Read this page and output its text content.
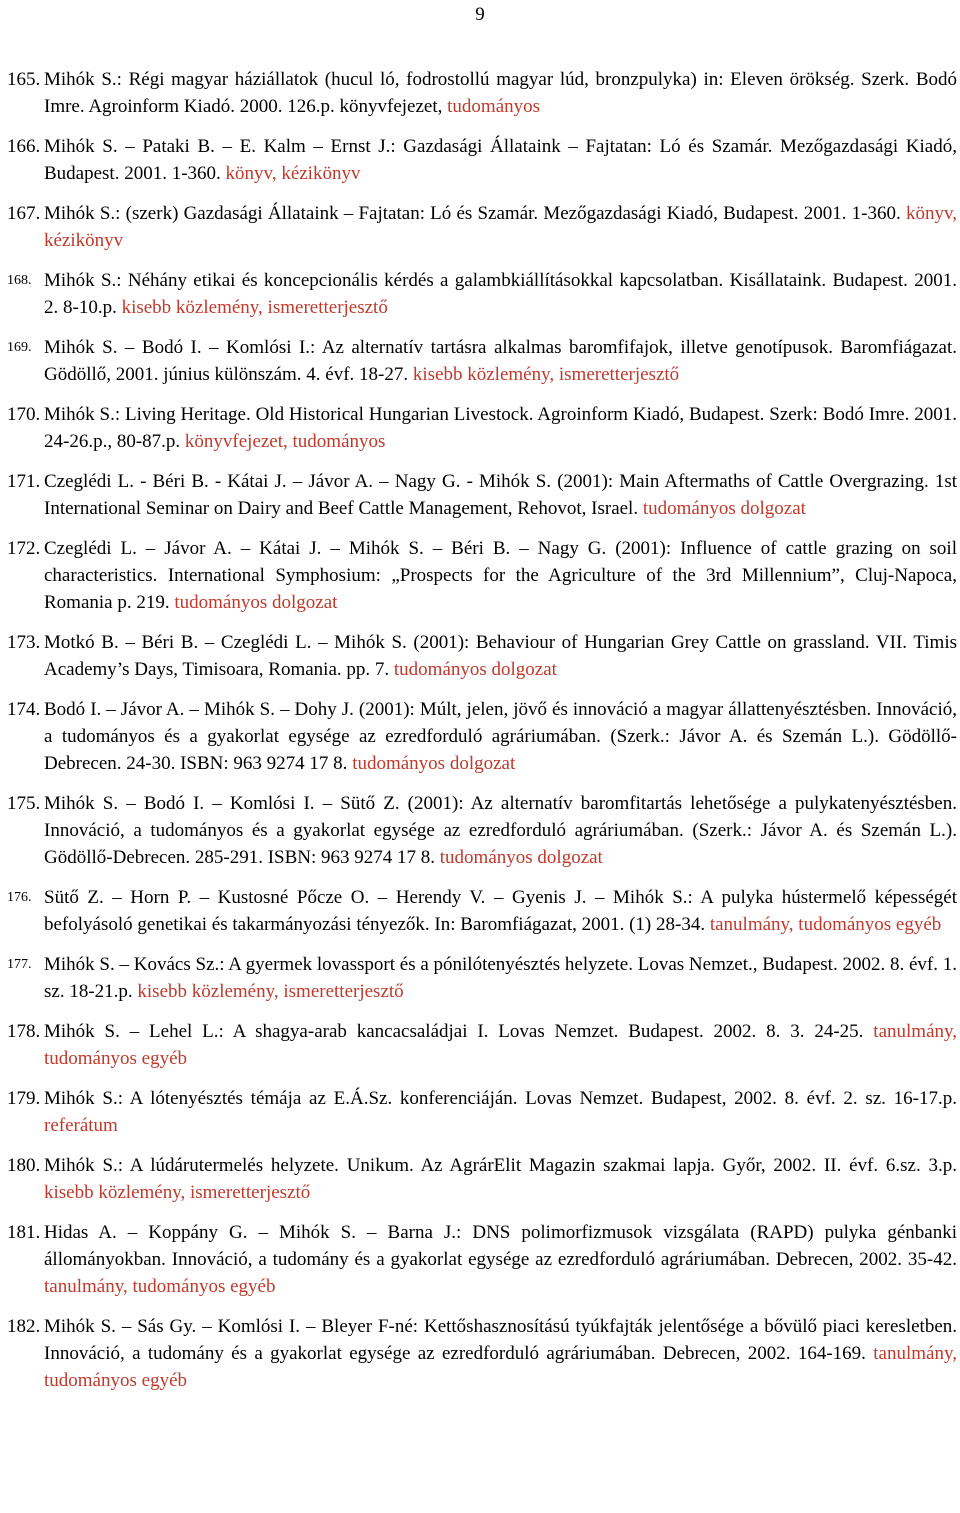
9
165. Mihók S.: Régi magyar háziállatok (hucul ló, fodrostollú magyar lúd, bronzpulyka) in: Eleven örökség. Szerk. Bodó Imre. Agroinform Kiadó. 2000. 126.p. könyvfejezet, tudományos
166. Mihók S. – Pataki B. – E. Kalm – Ernst J.: Gazdasági Állataink – Fajtatan: Ló és Szamár. Mezőgazdasági Kiadó, Budapest. 2001. 1-360. könyv, kézikönyv
167. Mihók S.: (szerk) Gazdasági Állataink – Fajtatan: Ló és Szamár. Mezőgazdasági Kiadó, Budapest. 2001. 1-360. könyv, kézikönyv
168. Mihók S.: Néhány etikai és koncepcionális kérdés a galambkiállításokkal kapcsolatban. Kisállataink. Budapest. 2001. 2. 8-10.p. kisebb közlemény, ismeretterjesztő
169. Mihók S. – Bodó I. – Komlósi I.: Az alternatív tartásra alkalmas baromfifajok, illetve genotípusok. Baromfiágazat. Gödöllő, 2001. június különszám. 4. évf. 18-27. kisebb közlemény, ismeretterjesztő
170. Mihók S.: Living Heritage. Old Historical Hungarian Livestock. Agroinform Kiadó, Budapest. Szerk: Bodó Imre. 2001. 24-26.p., 80-87.p. könyvfejezet, tudományos
171. Czeglédi L. - Béri B. - Kátai J. – Jávor A. – Nagy G. - Mihók S. (2001): Main Aftermaths of Cattle Overgrazing. 1st International Seminar on Dairy and Beef Cattle Management, Rehovot, Israel. tudományos dolgozat
172. Czeglédi L. – Jávor A. – Kátai J. – Mihók S. – Béri B. – Nagy G. (2001): Influence of cattle grazing on soil characteristics. International Symphosium: „Prospects for the Agriculture of the 3rd Millennium”, Cluj-Napoca, Romania p. 219. tudományos dolgozat
173. Motkó B. – Béri B. – Czeglédi L. – Mihók S. (2001): Behaviour of Hungarian Grey Cattle on grassland. VII. Timis Academy’s Days, Timisoara, Romania. pp. 7. tudományos dolgozat
174. Bodó I. – Jávor A. – Mihók S. – Dohy J. (2001): Múlt, jelen, jövő és innováció a magyar állattenyésztésben. Innováció, a tudományos és a gyakorlat egysége az ezredforduló agráriumában. (Szerk.: Jávor A. és Szemán L.). Gödöllő-Debrecen. 24-30. ISBN: 963 9274 17 8. tudományos dolgozat
175. Mihók S. – Bodó I. – Komlósi I. – Sütő Z. (2001): Az alternatív baromfitartás lehetősége a pulykatenyésztésben. Innováció, a tudományos és a gyakorlat egysége az ezredforduló agráriumában. (Szerk.: Jávor A. és Szemán L.). Gödöllő-Debrecen. 285-291. ISBN: 963 9274 17 8. tudományos dolgozat
176. Sütő Z. – Horn P. – Kustosné Pőcze O. – Herendy V. – Gyenis J. – Mihók S.: A pulyka hústermelő képességét befolyásoló genetikai és takarmányozási tényezők. In: Baromfiágazat, 2001. (1) 28-34. tanulmány, tudományos egyéb
177. Mihók S. – Kovács Sz.: A gyermek lovassport és a pónilótenyésztés helyzete. Lovas Nemzet., Budapest. 2002. 8. évf. 1. sz. 18-21.p. kisebb közlemény, ismeretterjesztő
178. Mihók S. – Lehel L.: A shagya-arab kancacsaládjai I. Lovas Nemzet. Budapest. 2002. 8. 3. 24-25. tanulmány, tudományos egyéb
179. Mihók S.: A lótenyésztés témája az E.Á.Sz. konferenciáján. Lovas Nemzet. Budapest, 2002. 8. évf. 2. sz. 16-17.p. referátum
180. Mihók S.: A lúdárutermelés helyzete. Unikum. Az AgrárElit Magazin szakmai lapja. Győr, 2002. II. évf. 6.sz. 3.p. kisebb közlemény, ismeretterjesztő
181. Hidas A. – Koppány G. – Mihók S. – Barna J.: DNS polimorfizmusok vizsgálata (RAPD) pulyka génbanki állományokban. Innováció, a tudomány és a gyakorlat egysége az ezredforduló agráriumában. Debrecen, 2002. 35-42. tanulmány, tudományos egyéb
182. Mihók S. – Sás Gy. – Komlósi I. – Bleyer F-né: Kettőshasznosítású tyúkfajták jelentősége a bővülő piaci keresletben. Innováció, a tudomány és a gyakorlat egysége az ezredforduló agráriumában. Debrecen, 2002. 164-169. tanulmány, tudományos egyéb
